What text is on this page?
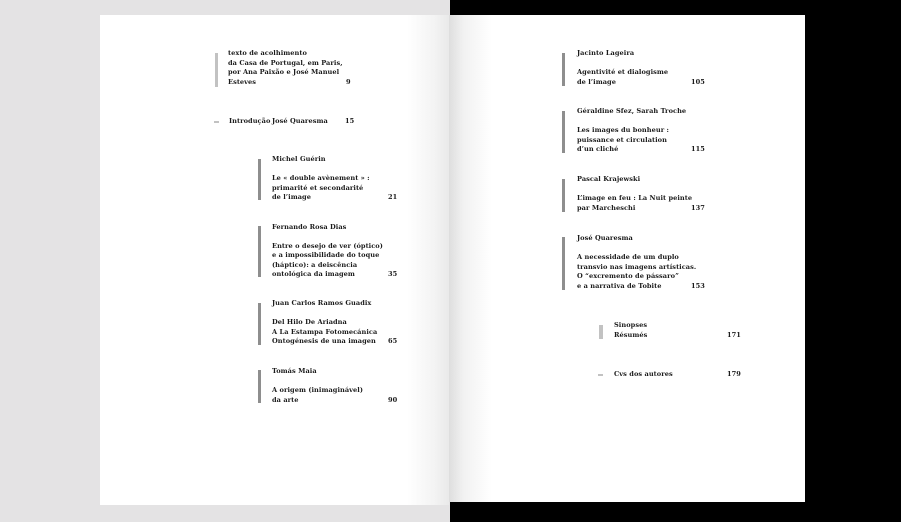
texto de acolhimento
da Casa de Portugal, em Paris,
por Ana Paixão e José Manuel
Esteves	9
Introdução José Quaresma	15
Michel Guérin
Le « double avènement » :
primarité et secondarité
de l’image	21
Fernando Rosa Dias
Entre o desejo de ver (óptico)
e a impossibilidade do toque
(háptico): a deiscência
ontológica da imagem	35
Juan Carlos Ramos Guadix
Del Hilo De Ariadna
A La Estampa Fotomecánica
Ontogénesis de una imagen 65
Tomás Maia
A origem (inimaginável)
da arte	90
Jacinto Lageira
Agentivité et dialogisme
de l’image	105
Géraldine Sfez, Sarah Troche
Les images du bonheur :
puissance et circulation
d’un cliché	115
Pascal Krajewski
L’image en feu : La Nuit peinte
par Marcheschi	137
José Quaresma
A necessidade de um duplo
transvio nas imagens artísticas.
O “excremento de pássaro”
e a narrativa de Tobite	153
Sinopses
Résumés	171
Cvs dos autores	179
